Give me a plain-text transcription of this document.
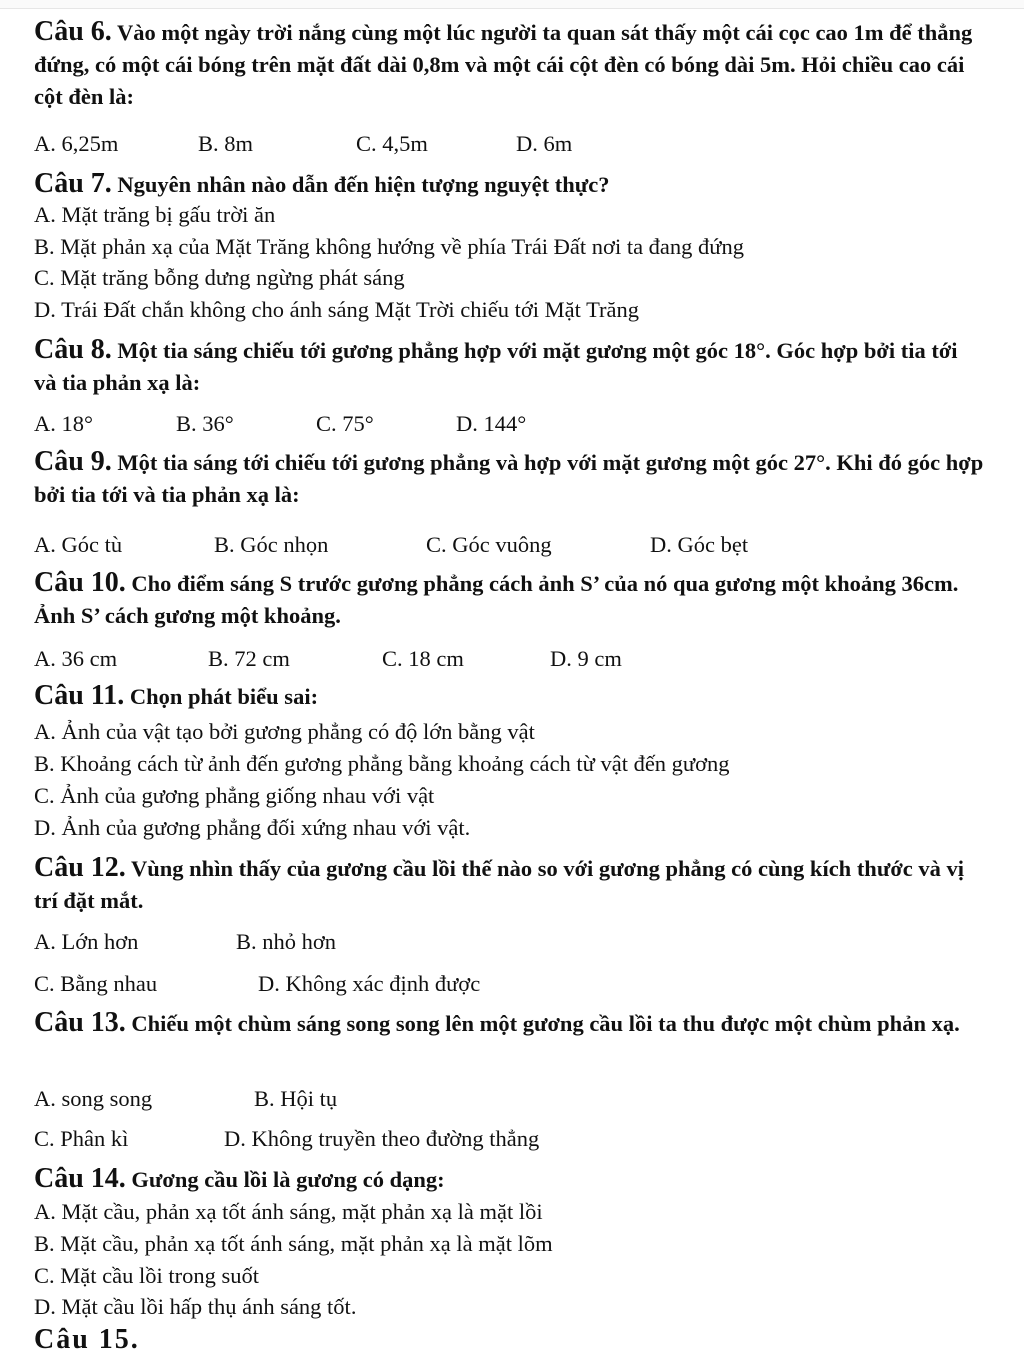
Câu 6. Vào một ngày trời nắng cùng một lúc người ta quan sát thấy một cái cọc cao 1m để thẳng đứng, có một cái bóng trên mặt đất dài 0,8m và một cái cột đèn có bóng dài 5m. Hỏi chiều cao cái cột đèn là:
A. 6,25m	B. 8m	C. 4,5m	D. 6m
Câu 7. Nguyên nhân nào dẫn đến hiện tượng nguyệt thực?
A. Mặt trăng bị gấu trời ăn
B. Mặt phản xạ của Mặt Trăng không hướng về phía Trái Đất nơi ta đang đứng
C. Mặt trăng bỗng dưng ngừng phát sáng
D. Trái Đất chắn không cho ánh sáng Mặt Trời chiếu tới Mặt Trăng
Câu 8. Một tia sáng chiếu tới gương phẳng hợp với mặt gương một góc 18°. Góc hợp bởi tia tới và tia phản xạ là:
A. 18°	B. 36°	C. 75°	D. 144°
Câu 9. Một tia sáng tới chiếu tới gương phẳng và hợp với mặt gương một góc 27°. Khi đó góc hợp bởi tia tới và tia phản xạ là:
A. Góc tù	B. Góc nhọn	C. Góc vuông	D. Góc bẹt
Câu 10. Cho điểm sáng S trước gương phẳng cách ảnh S’ của nó qua gương một khoảng 36cm. Ảnh S’ cách gương một khoảng.
A. 36 cm	B. 72 cm	C. 18 cm	D. 9 cm
Câu 11. Chọn phát biểu sai:
A. Ảnh của vật tạo bởi gương phẳng có độ lớn bằng vật
B. Khoảng cách từ ảnh đến gương phẳng bằng khoảng cách từ vật đến gương
C. Ảnh của gương phẳng giống nhau với vật
D. Ảnh của gương phẳng đối xứng nhau với vật.
Câu 12. Vùng nhìn thấy của gương cầu lồi thế nào so với gương phẳng có cùng kích thước và vị trí đặt mắt.
A. Lớn hơn	B. nhỏ hơn
C. Bằng nhau	D. Không xác định được
Câu 13. Chiếu một chùm sáng song song lên một gương cầu lồi ta thu được một chùm phản xạ.
A. song song	B. Hội tụ
C. Phân kì	D. Không truyền theo đường thẳng
Câu 14. Gương cầu lồi là gương có dạng:
A. Mặt cầu, phản xạ tốt ánh sáng, mặt phản xạ là mặt lồi
B. Mặt cầu, phản xạ tốt ánh sáng, mặt phản xạ là mặt lõm
C. Mặt cầu lồi trong suốt
D. Mặt cầu lồi hấp thụ ánh sáng tốt.
Câu 15.
